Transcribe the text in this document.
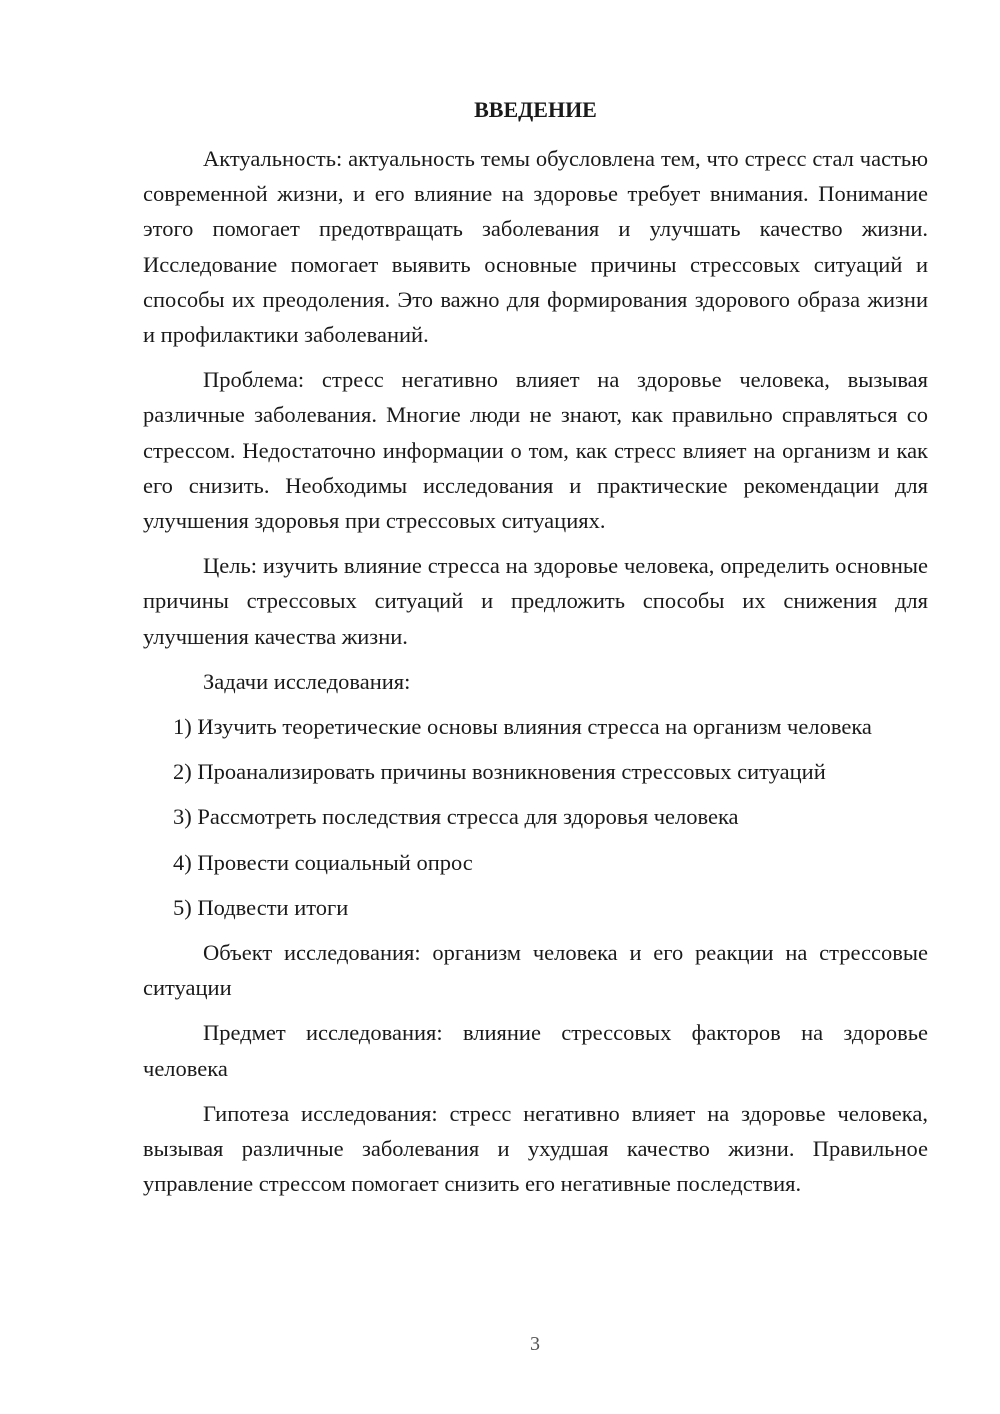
ВВЕДЕНИЕ

Актуальность: актуальность темы обусловлена тем, что стресс стал частью современной жизни, и его влияние на здоровье требует внимания. Понимание этого помогает предотвращать заболевания и улучшать качество жизни. Исследование помогает выявить основные причины стрессовых ситуаций и способы их преодоления. Это важно для формирования здорового образа жизни и профилактики заболеваний.

Проблема: стресс негативно влияет на здоровье человека, вызывая различные заболевания. Многие люди не знают, как правильно справляться со стрессом. Недостаточно информации о том, как стресс влияет на организм и как его снизить. Необходимы исследования и практические рекомендации для улучшения здоровья при стрессовых ситуациях.

Цель: изучить влияние стресса на здоровье человека, определить основные причины стрессовых ситуаций и предложить способы их снижения для улучшения качества жизни.

Задачи исследования:

1) Изучить теоретические основы влияния стресса на организм человека

2) Проанализировать причины возникновения стрессовых ситуаций

3) Рассмотреть последствия стресса для здоровья человека

4) Провести социальный опрос

5) Подвести итоги

Объект исследования: организм человека и его реакции на стрессовые ситуации

Предмет исследования: влияние стрессовых факторов на здоровье человека

Гипотеза исследования: стресс негативно влияет на здоровье человека, вызывая различные заболевания и ухудшая качество жизни. Правильное управление стрессом помогает снизить его негативные последствия.

3
